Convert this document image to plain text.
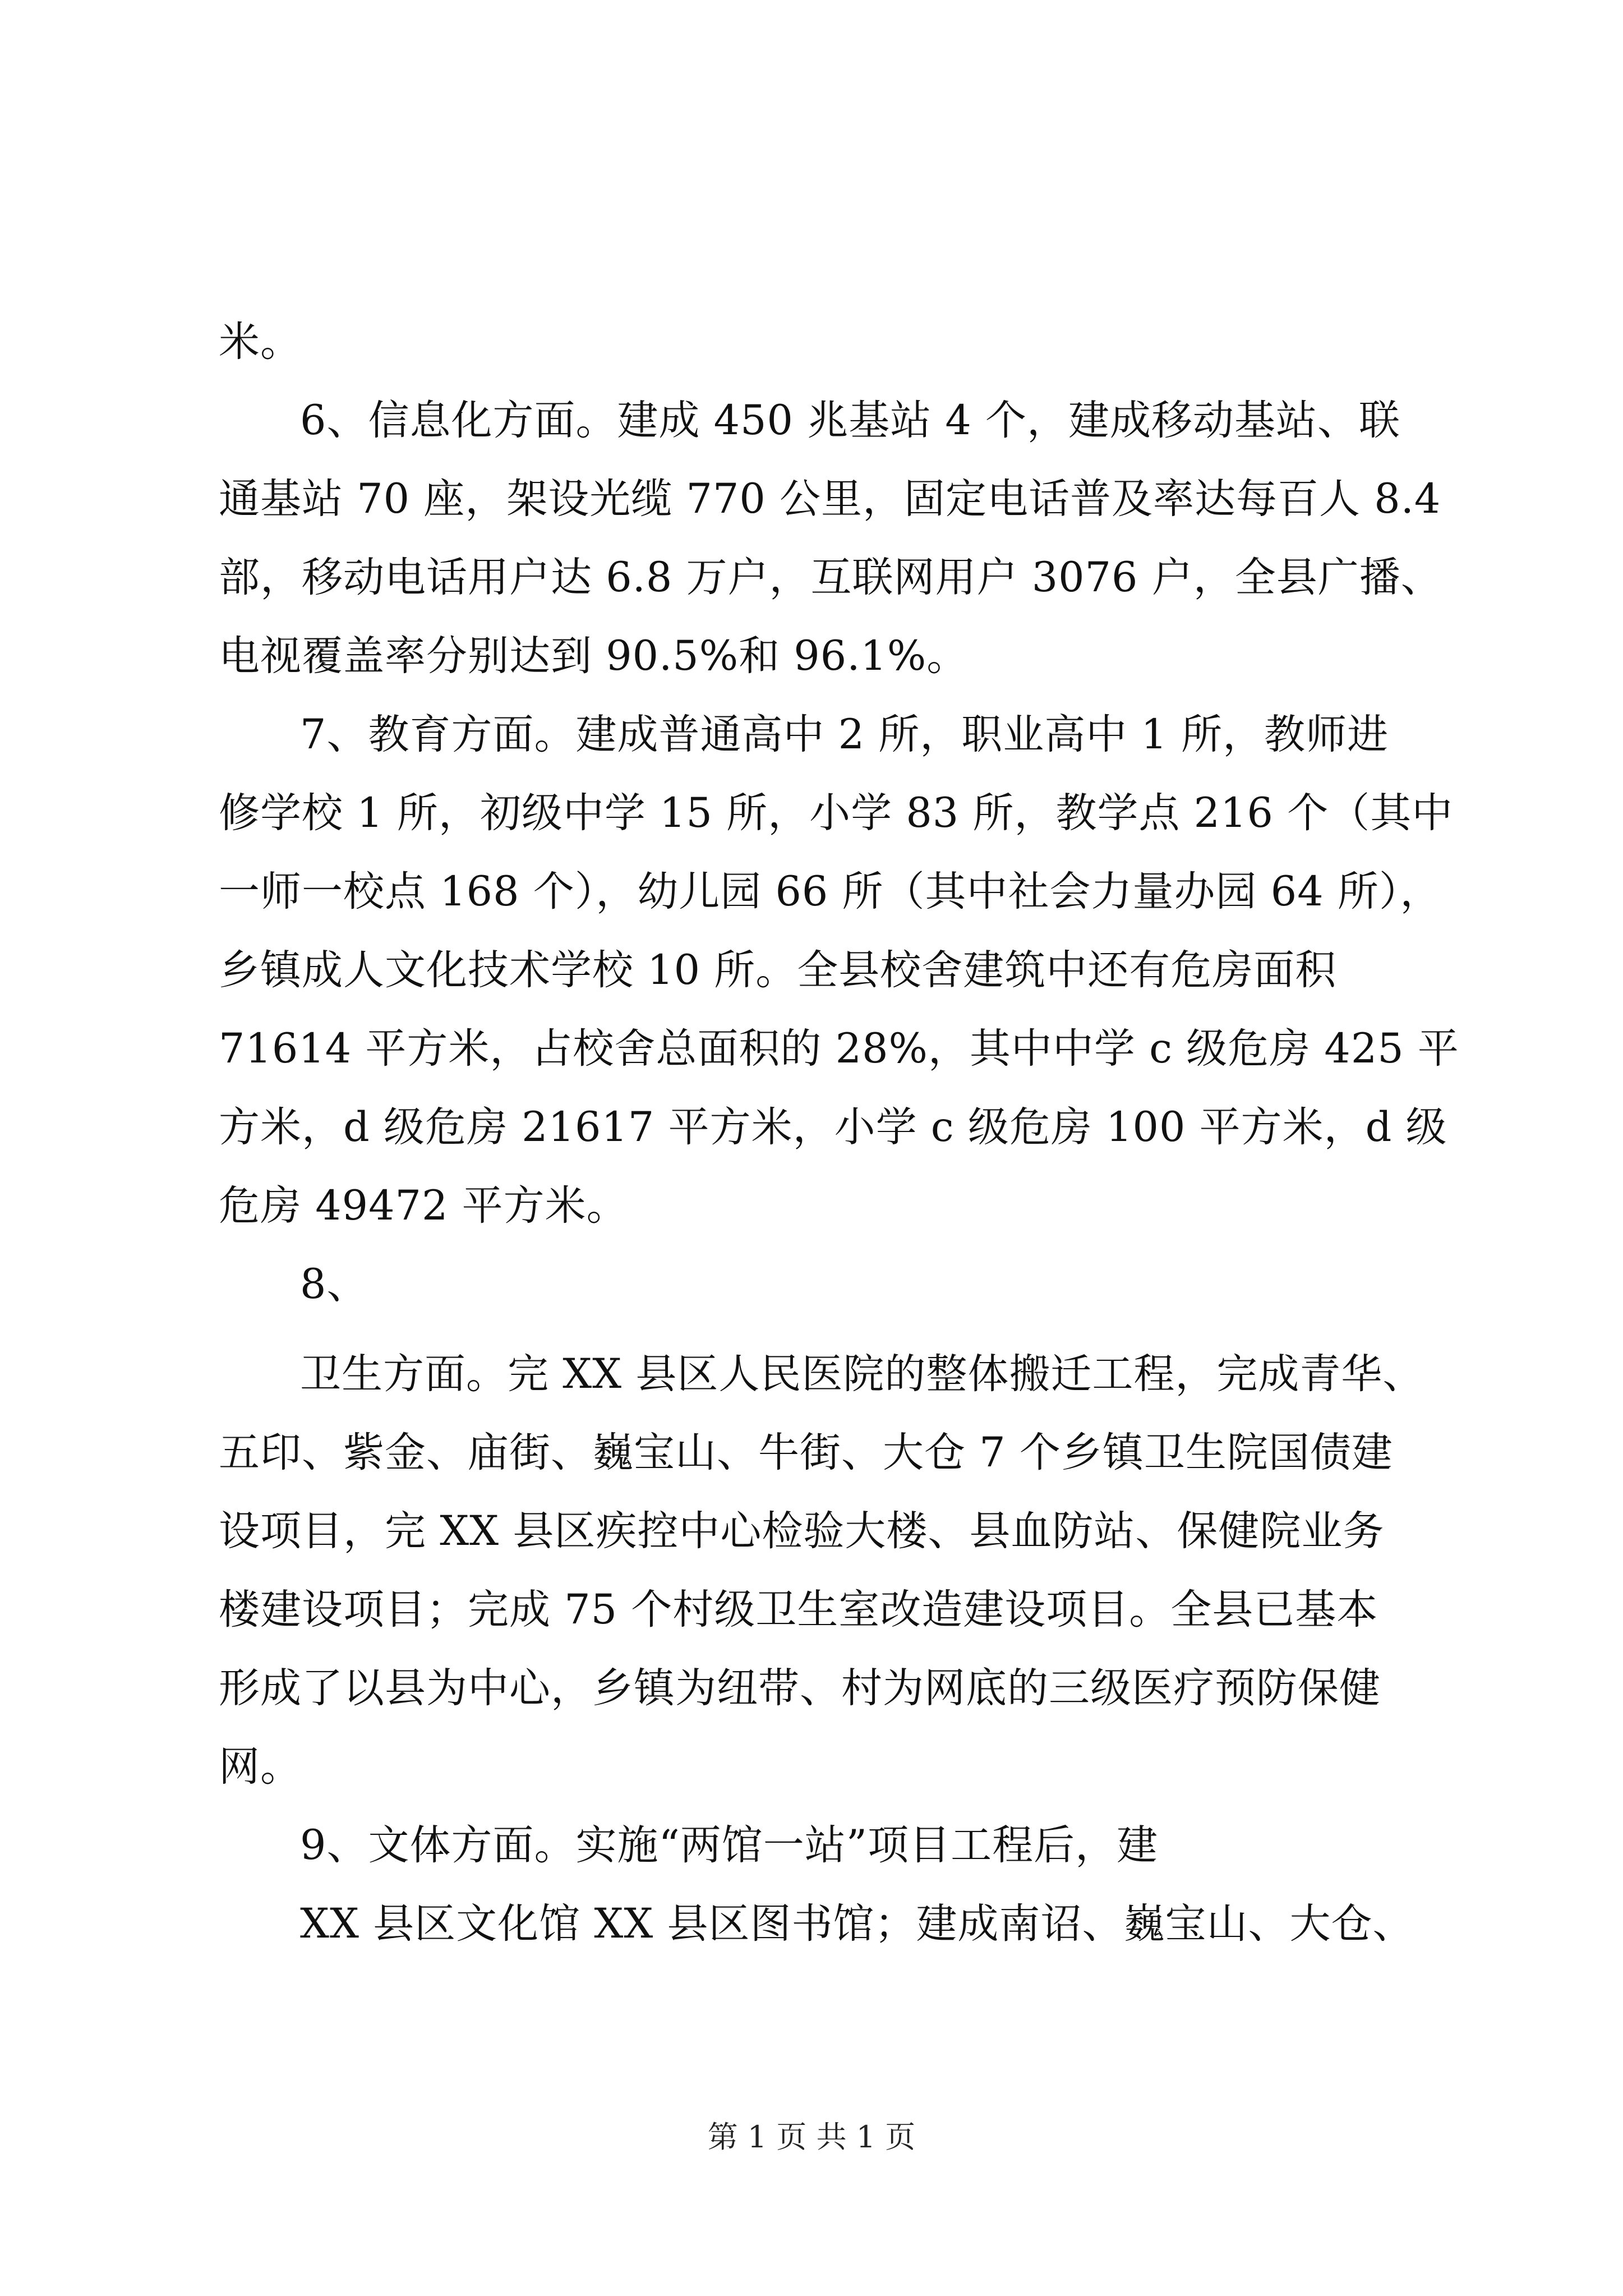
米。
6、信息化方面。建成 450 兆基站 4 个，建成移动基站、联
通基站 70 座，架设光缆 770 公里，固定电话普及率达每百人 8.4
部，移动电话用户达 6.8 万户，互联网用户 3076 户，全县广播、
电视覆盖率分别达到 90.5%和 96.1%。
7、教育方面。建成普通高中 2 所，职业高中 1 所，教师进
修学校 1 所，初级中学 15 所，小学 83 所，教学点 216 个（其中
一师一校点 168 个），幼儿园 66 所（其中社会力量办园 64 所），
乡镇成人文化技术学校 10 所。全县校舍建筑中还有危房面积
71614 平方米，占校舍总面积的 28%，其中中学 c 级危房 425 平
方米，d 级危房 21617 平方米，小学 c 级危房 100 平方米，d 级
危房 49472 平方米。
8、
卫生方面。完 XX 县区人民医院的整体搬迁工程，完成青华、
五印、紫金、庙街、巍宝山、牛街、大仓 7 个乡镇卫生院国债建
设项目，完 XX 县区疾控中心检验大楼、县血防站、保健院业务
楼建设项目；完成 75 个村级卫生室改造建设项目。全县已基本
形成了以县为中心，乡镇为纽带、村为网底的三级医疗预防保健
网。
9、文体方面。实施“两馆一站”项目工程后，建
XX 县区文化馆 XX 县区图书馆；建成南诏、巍宝山、大仓、
第 1 页 共 1 页
